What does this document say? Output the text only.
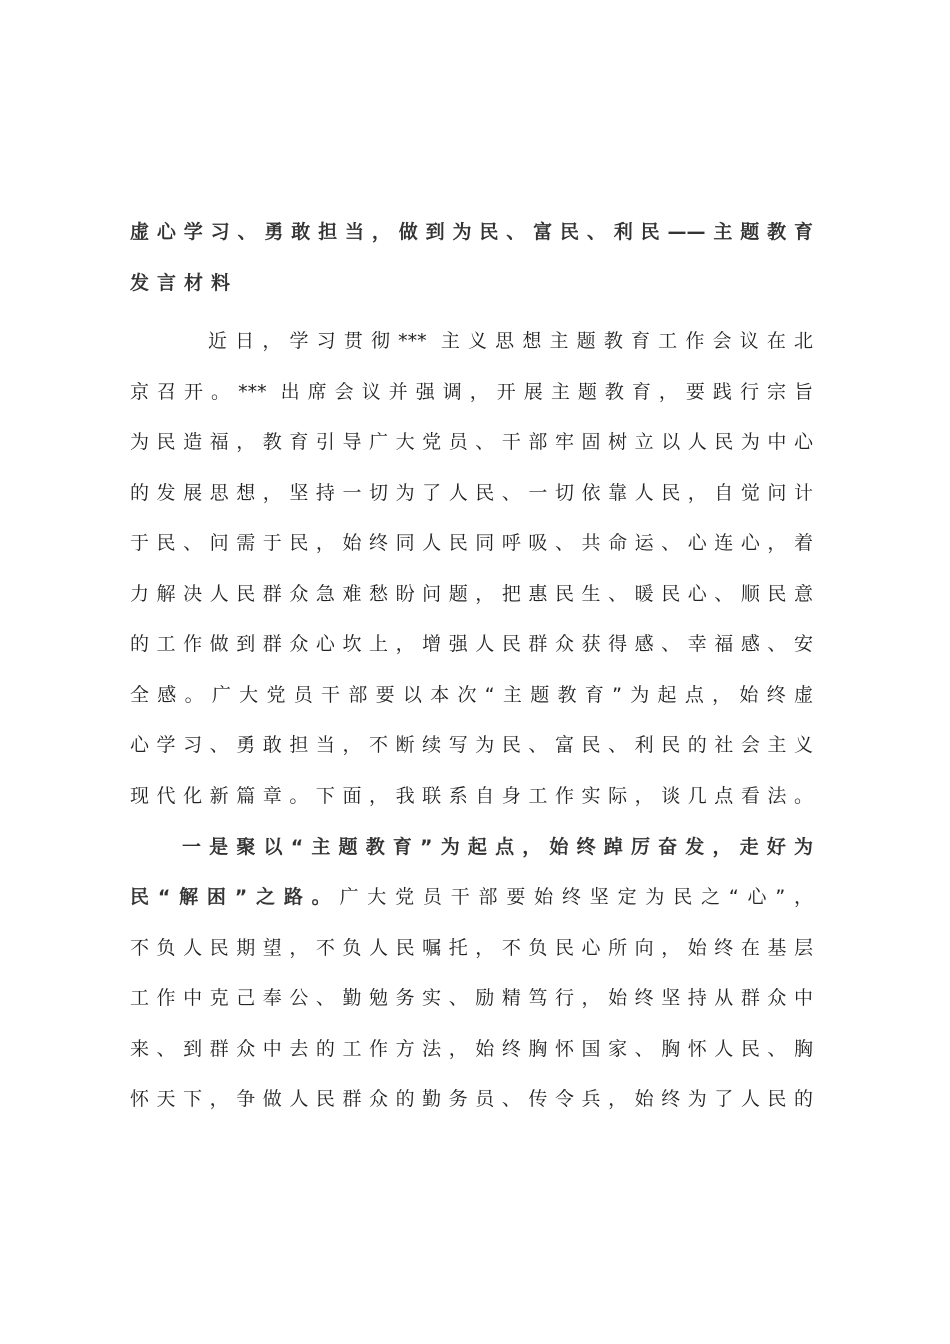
虚心学习、勇敢担当，做到为民、富民、利民——主题教育
发言材料
近日，学习贯彻*** 主义思想主题教育工作会议在北
京召开。*** 出席会议并强调，开展主题教育，要践行宗旨
为民造福，教育引导广大党员、干部牢固树立以人民为中心
的发展思想，坚持一切为了人民、一切依靠人民，自觉问计
于民、问需于民，始终同人民同呼吸、共命运、心连心，着
力解决人民群众急难愁盼问题，把惠民生、暖民心、顺民意
的工作做到群众心坎上，增强人民群众获得感、幸福感、安
全感。广大党员干部要以本次“主题教育”为起点，始终虚
心学习、勇敢担当，不断续写为民、富民、利民的社会主义
现代化新篇章。下面，我联系自身工作实际，谈几点看法。
一是聚以“主题教育”为起点，始终踔厉奋发，走好为
民“解困”之路。广大党员干部要始终坚定为民之“心”，
不负人民期望，不负人民嘱托，不负民心所向，始终在基层
工作中克己奉公、勤勉务实、励精笃行，始终坚持从群众中
来、到群众中去的工作方法，始终胸怀国家、胸怀人民、胸
怀天下，争做人民群众的勤务员、传令兵，始终为了人民的
